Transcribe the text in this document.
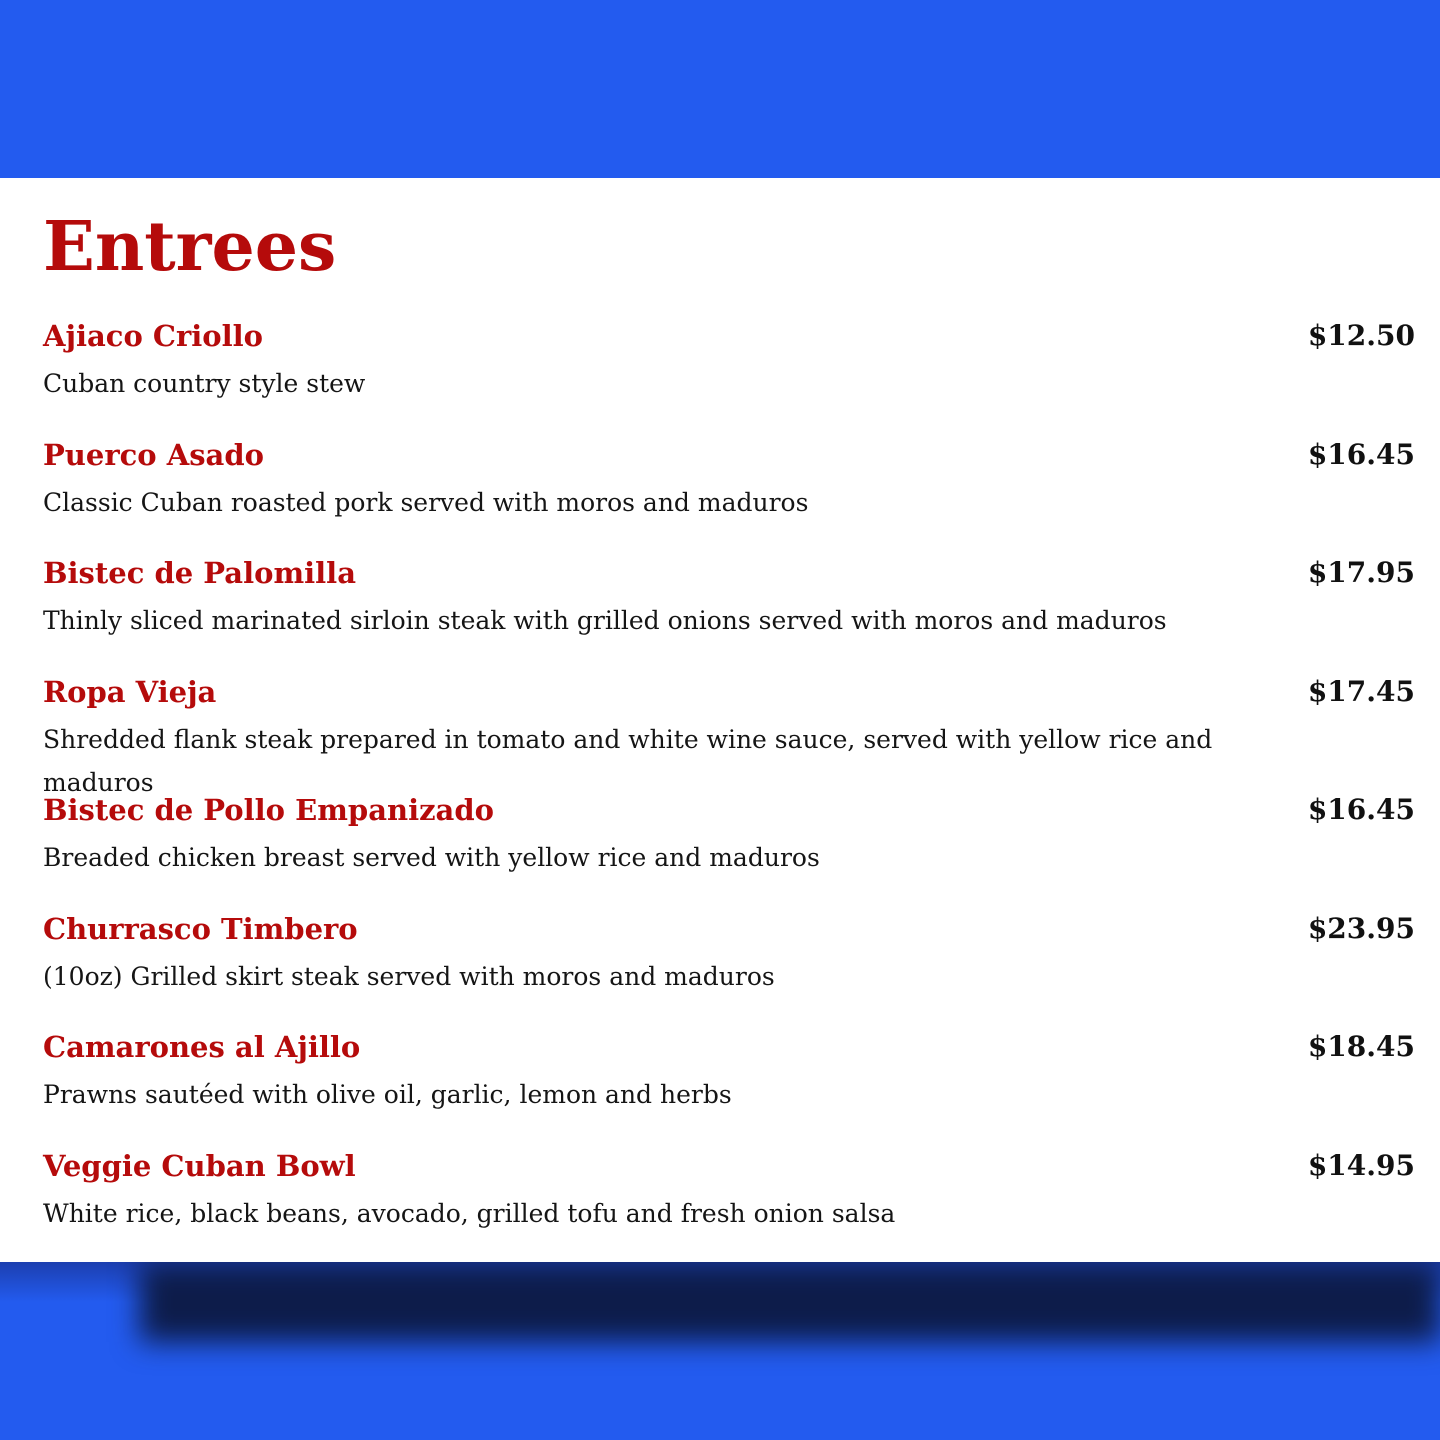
Entrees
Ajiaco Criollo	$12.50
Cuban country style stew
Puerco Asado	$16.45
Classic Cuban roasted pork served with moros and maduros
Bistec de Palomilla	$17.95
Thinly sliced marinated sirloin steak with grilled onions served with moros and maduros
Ropa Vieja	$17.45
Shredded flank steak prepared in tomato and white wine sauce, served with yellow rice and maduros
Bistec de Pollo Empanizado	$16.45
Breaded chicken breast served with yellow rice and maduros
Churrasco Timbero	$23.95
(10oz) Grilled skirt steak served with moros and maduros
Camarones al Ajillo	$18.45
Prawns sautéed with olive oil, garlic, lemon and herbs
Veggie Cuban Bowl	$14.95
White rice, black beans, avocado, grilled tofu and fresh onion salsa
